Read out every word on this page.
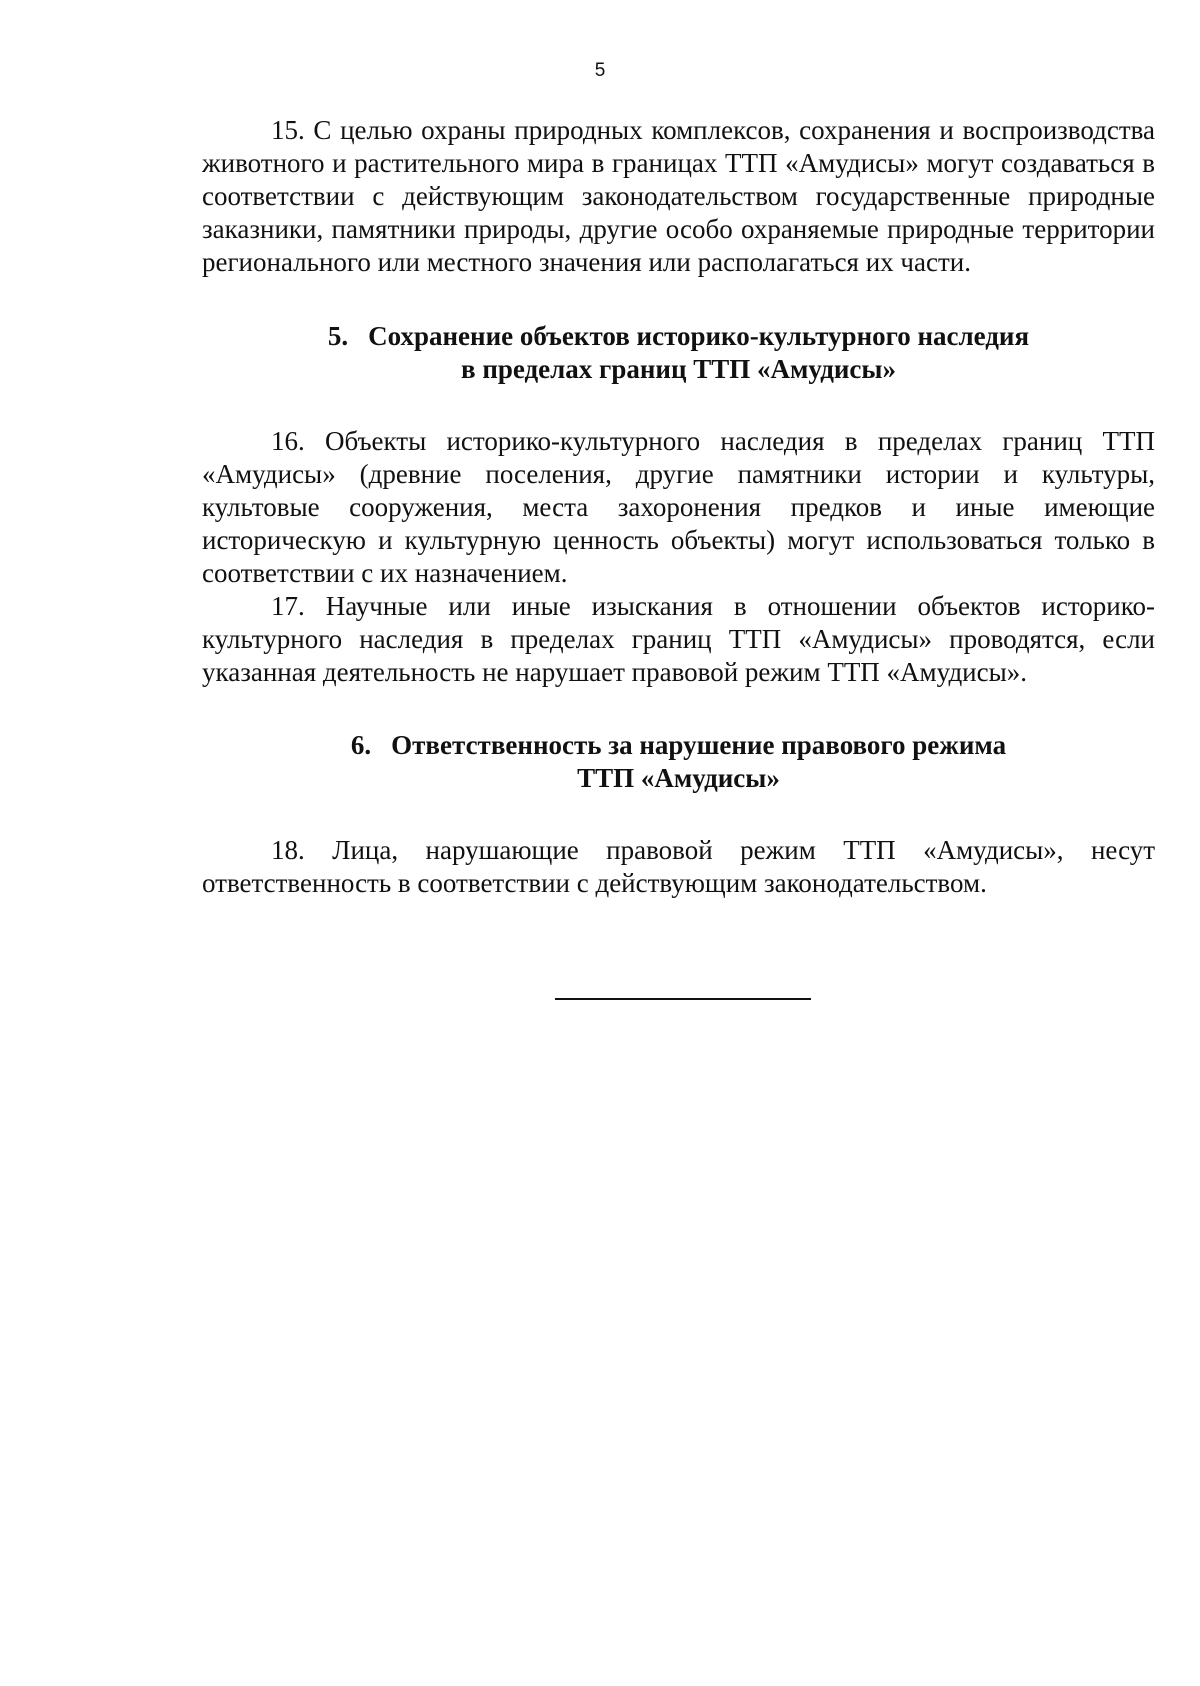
5

15. С целью охраны природных комплексов, сохранения и воспроизводства животного и растительного мира в границах ТТП «Амудисы» могут создаваться в соответствии с действующим законодательством государственные природные заказники, памятники природы, другие особо охраняемые природные территории регионального или местного значения или располагаться их части.

5. Сохранение объектов историко-культурного наследия
в пределах границ ТТП «Амудисы»

16. Объекты историко-культурного наследия в пределах границ ТТП «Амудисы» (древние поселения, другие памятники истории и культуры, культовые сооружения, места захоронения предков и иные имеющие историческую и культурную ценность объекты) могут использоваться только в соответствии с их назначением.

17. Научные или иные изыскания в отношении объектов историко-культурного наследия в пределах границ ТТП «Амудисы» проводятся, если указанная деятельность не нарушает правовой режим ТТП «Амудисы».

6. Ответственность за нарушение правового режима
ТТП «Амудисы»

18. Лица, нарушающие правовой режим ТТП «Амудисы», несут ответственность в соответствии с действующим законодательством.
